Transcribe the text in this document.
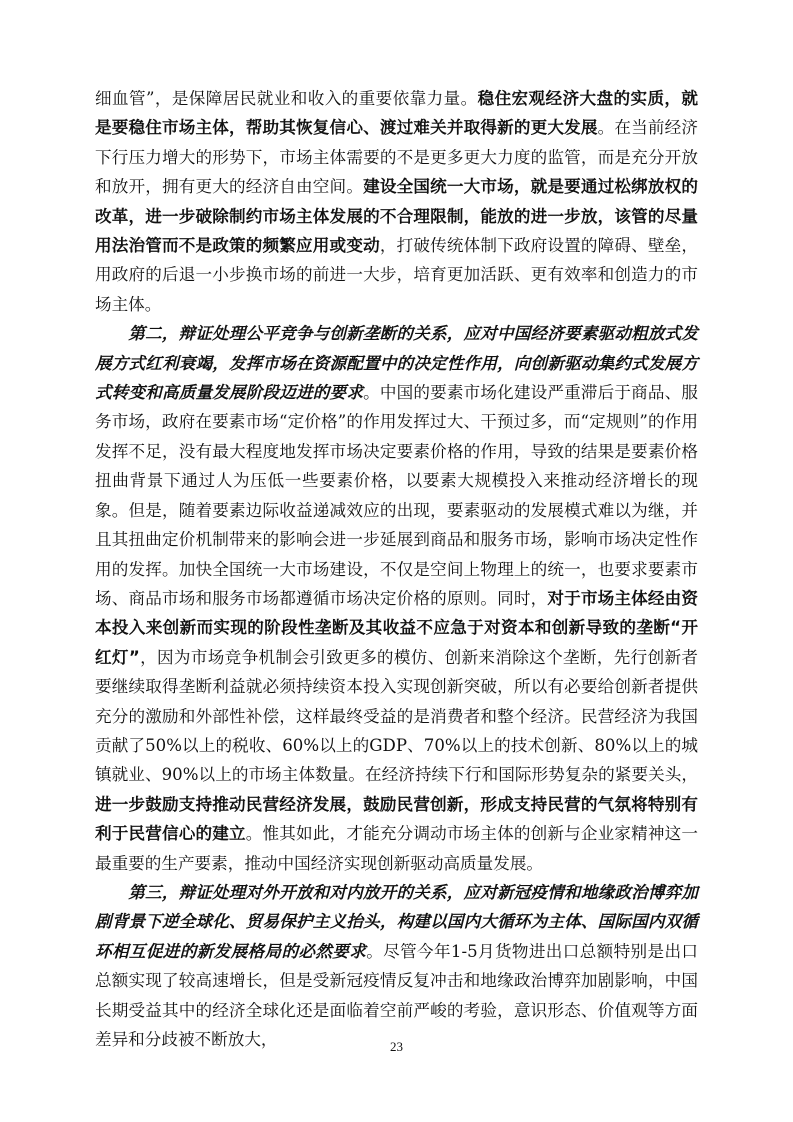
细血管”，是保障居民就业和收入的重要依靠力量。稳住宏观经济大盘的实质，就是要稳住市场主体，帮助其恢复信心、渡过难关并取得新的更大发展。在当前经济下行压力增大的形势下，市场主体需要的不是更多更大力度的监管，而是充分开放和放开，拥有更大的经济自由空间。建设全国统一大市场，就是要通过松绑放权的改革，进一步破除制约市场主体发展的不合理限制，能放的进一步放，该管的尽量用法治管而不是政策的频繁应用或变动，打破传统体制下政府设置的障碍、壁垒，用政府的后退一小步换市场的前进一大步，培育更加活跃、更有效率和创造力的市场主体。

第二，辩证处理公平竞争与创新垄断的关系，应对中国经济要素驱动粗放式发展方式红利衰竭，发挥市场在资源配置中的决定性作用，向创新驱动集约式发展方式转变和高质量发展阶段迈进的要求。中国的要素市场化建设严重滞后于商品、服务市场，政府在要素市场“定价格”的作用发挥过大、干预过多，而“定规则”的作用发挥不足，没有最大程度地发挥市场决定要素价格的作用，导致的结果是要素价格扭曲背景下通过人为压低一些要素价格，以要素大规模投入来推动经济增长的现象。但是，随着要素边际收益递减效应的出现，要素驱动的发展模式难以为继，并且其扭曲定价机制带来的影响会进一步延展到商品和服务市场，影响市场决定性作用的发挥。加快全国统一大市场建设，不仅是空间上物理上的统一，也要求要素市场、商品市场和服务市场都遵循市场决定价格的原则。同时，对于市场主体经由资本投入来创新而实现的阶段性垄断及其收益不应急于对资本和创新导致的垄断“开红灯”，因为市场竞争机制会引致更多的模仿、创新来消除这个垄断，先行创新者要继续取得垄断利益就必须持续资本投入实现创新突破，所以有必要给创新者提供充分的激励和外部性补偿，这样最终受益的是消费者和整个经济。民营经济为我国贡献了50%以上的税收、60%以上的GDP、70%以上的技术创新、80%以上的城镇就业、90%以上的市场主体数量。在经济持续下行和国际形势复杂的紧要关头，进一步鼓励支持推动民营经济发展，鼓励民营创新，形成支持民营的气氛将特别有利于民营信心的建立。惟其如此，才能充分调动市场主体的创新与企业家精神这一最重要的生产要素，推动中国经济实现创新驱动高质量发展。

第三，辩证处理对外开放和对内放开的关系，应对新冠疫情和地缘政治博弈加剧背景下逆全球化、贸易保护主义抬头，构建以国内大循环为主体、国际国内双循环相互促进的新发展格局的必然要求。尽管今年1-5月货物进出口总额特别是出口总额实现了较高速增长，但是受新冠疫情反复冲击和地缘政治博弈加剧影响，中国长期受益其中的经济全球化还是面临着空前严峻的考验，意识形态、价值观等方面差异和分歧被不断放大，	23
